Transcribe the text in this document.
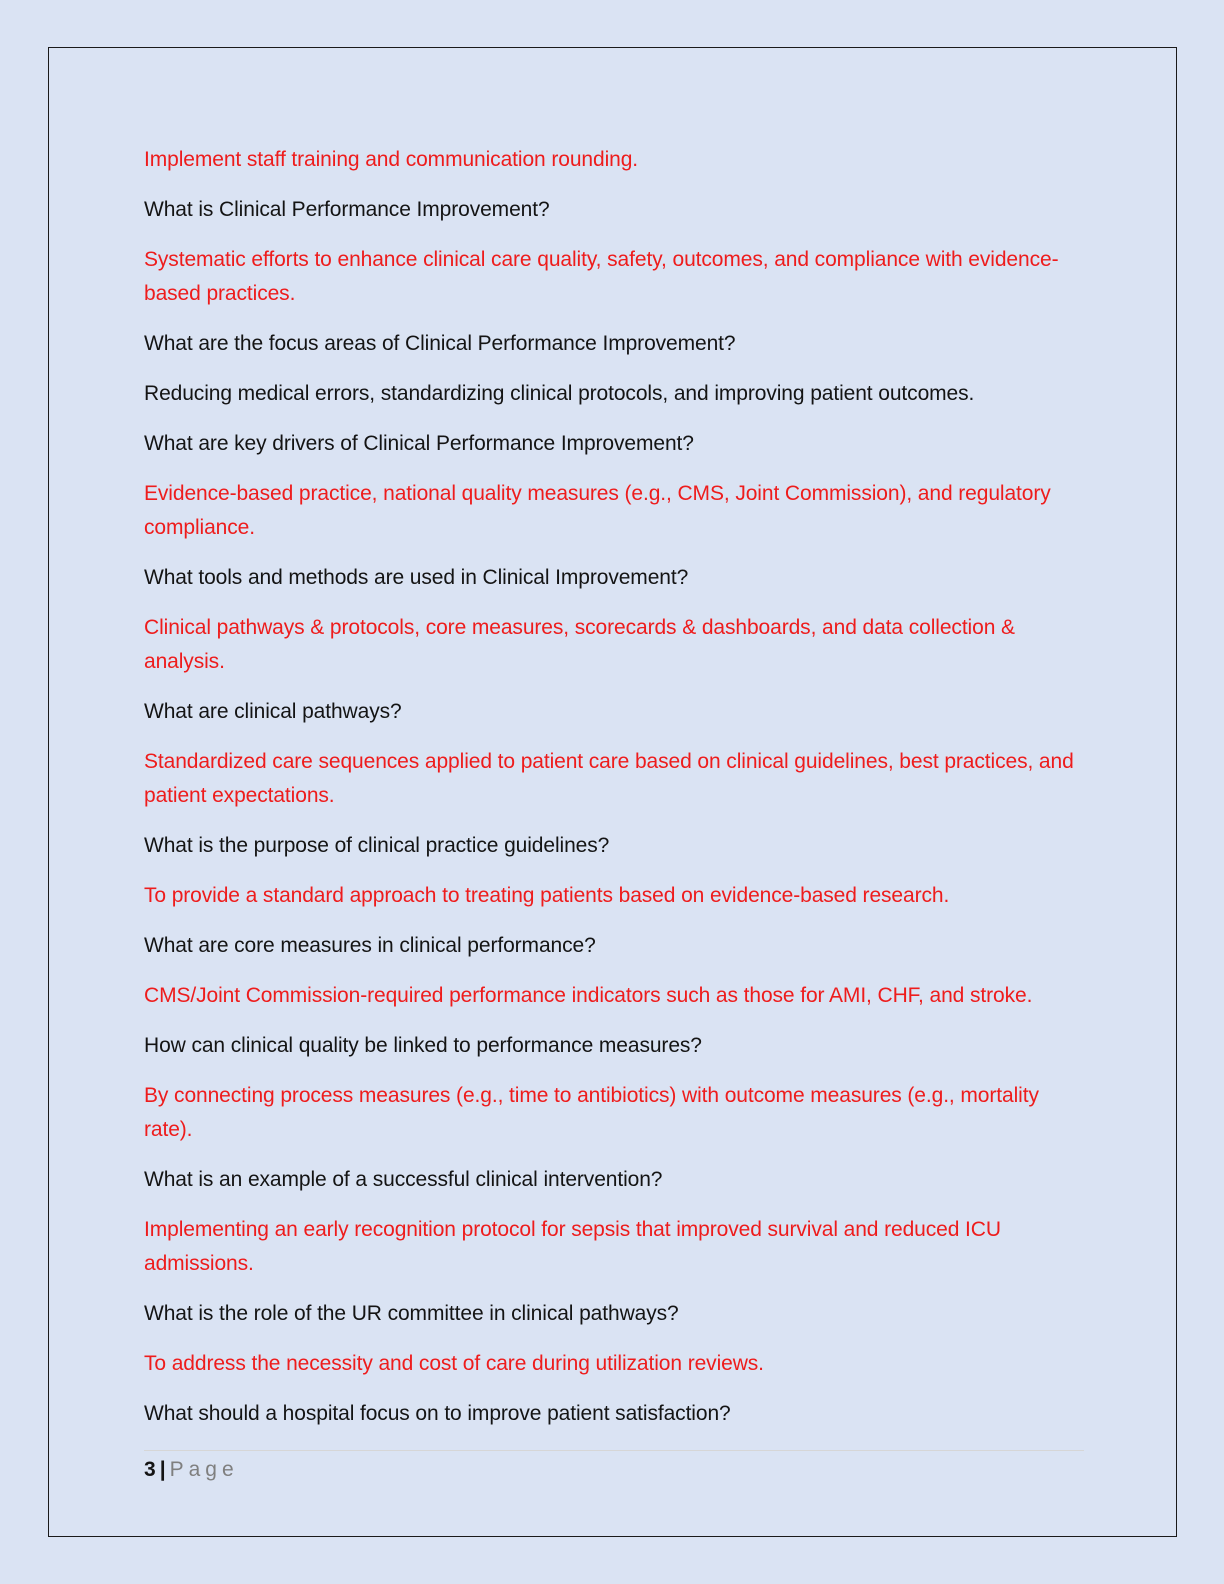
Implement staff training and communication rounding.

What is Clinical Performance Improvement?

Systematic efforts to enhance clinical care quality, safety, outcomes, and compliance with evidence-based practices.

What are the focus areas of Clinical Performance Improvement?

Reducing medical errors, standardizing clinical protocols, and improving patient outcomes.

What are key drivers of Clinical Performance Improvement?

Evidence-based practice, national quality measures (e.g., CMS, Joint Commission), and regulatory compliance.

What tools and methods are used in Clinical Improvement?

Clinical pathways & protocols, core measures, scorecards & dashboards, and data collection & analysis.

What are clinical pathways?

Standardized care sequences applied to patient care based on clinical guidelines, best practices, and patient expectations.

What is the purpose of clinical practice guidelines?

To provide a standard approach to treating patients based on evidence-based research.

What are core measures in clinical performance?

CMS/Joint Commission-required performance indicators such as those for AMI, CHF, and stroke.

How can clinical quality be linked to performance measures?

By connecting process measures (e.g., time to antibiotics) with outcome measures (e.g., mortality rate).

What is an example of a successful clinical intervention?

Implementing an early recognition protocol for sepsis that improved survival and reduced ICU admissions.

What is the role of the UR committee in clinical pathways?

To address the necessity and cost of care during utilization reviews.

What should a hospital focus on to improve patient satisfaction?

3 | Page
